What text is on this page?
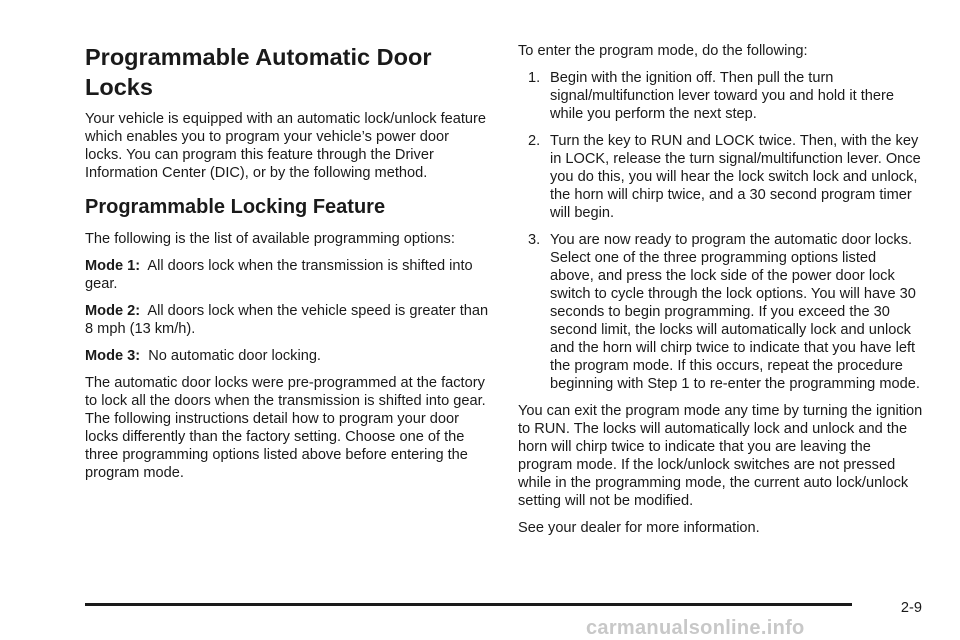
Programmable Automatic Door
Locks

Your vehicle is equipped with an automatic lock/unlock feature which enables you to program your vehicle’s power door locks. You can program this feature through the Driver Information Center (DIC), or by the following method.

Programmable Locking Feature

The following is the list of available programming options:

Mode 1: All doors lock when the transmission is shifted into gear.
Mode 2: All doors lock when the vehicle speed is greater than 8 mph (13 km/h).
Mode 3: No automatic door locking.

The automatic door locks were pre-programmed at the factory to lock all the doors when the transmission is shifted into gear. The following instructions detail how to program your door locks differently than the factory setting. Choose one of the three programming options listed above before entering the program mode.

To enter the program mode, do the following:

1. Begin with the ignition off. Then pull the turn signal/multifunction lever toward you and hold it there while you perform the next step.
2. Turn the key to RUN and LOCK twice. Then, with the key in LOCK, release the turn signal/multifunction lever. Once you do this, you will hear the lock switch lock and unlock, the horn will chirp twice, and a 30 second program timer will begin.
3. You are now ready to program the automatic door locks. Select one of the three programming options listed above, and press the lock side of the power door lock switch to cycle through the lock options. You will have 30 seconds to begin programming. If you exceed the 30 second limit, the locks will automatically lock and unlock and the horn will chirp twice to indicate that you have left the program mode. If this occurs, repeat the procedure beginning with Step 1 to re-enter the programming mode.

You can exit the program mode any time by turning the ignition to RUN. The locks will automatically lock and unlock and the horn will chirp twice to indicate that you are leaving the program mode. If the lock/unlock switches are not pressed while in the programming mode, the current auto lock/unlock setting will not be modified.

See your dealer for more information.

2-9
carmanualsonline.info
